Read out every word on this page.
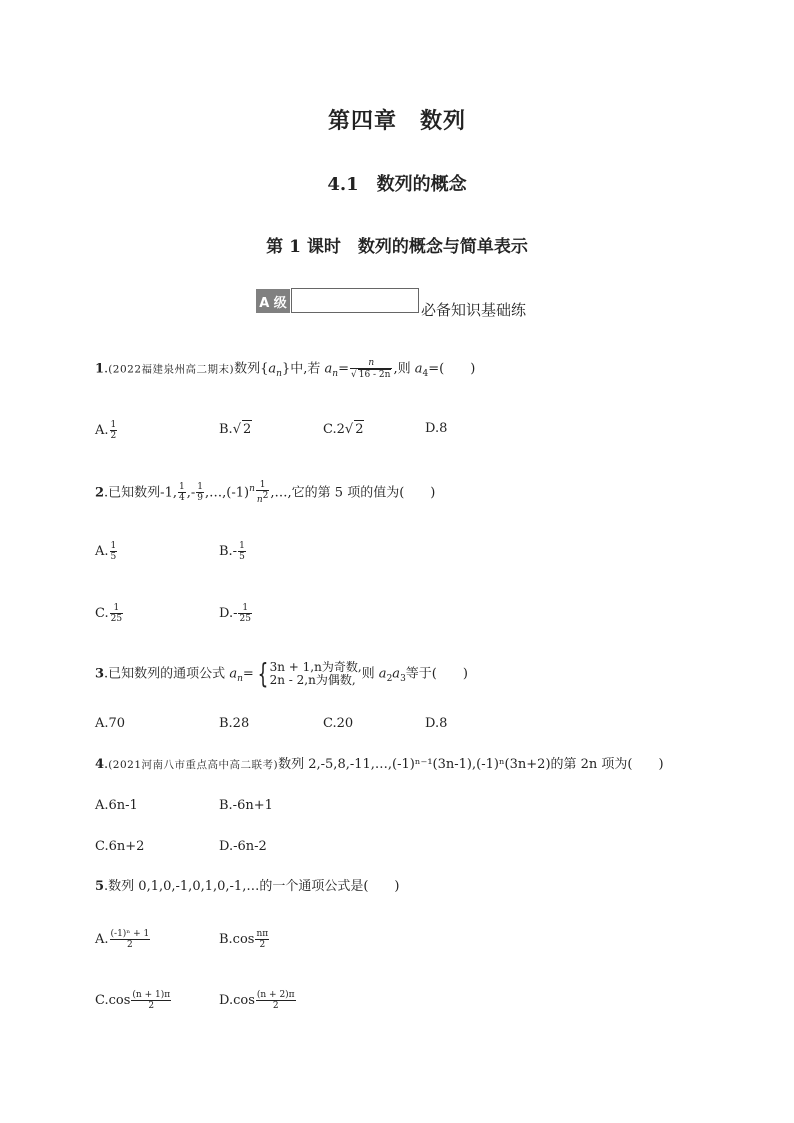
第四章　数列
4.1　数列的概念
第 1 课时　数列的概念与简单表示
A 级	必备知识基础练
1.(2022福建泉州高二期末)数列$\{a_n\}$中,若 $a_n= \frac{n}{√ 16 - 2n}$ ,则 $a_4=$(　　)
A. $\frac{1}{2}$	B.√ 2	C.2√ 2	D.8
2.已知数列-1, $\frac{1}{4}$ ,- $\frac{1}{9}$ $,\dots,(-1)^n \frac{1}{n^2}$ ,…,它的第 5 项的值为(　　)
A. $\frac{1}{5}$	$B.- \frac{1}{5}$
C. $\frac{1}{25}$	$D.- \frac{1}{25}$
3.已知数列的通项公式 $a_n=$ { 3n + 1,n为奇数,
2n - 2,n为偶数, 则 $a_2a_3$等于(　　)
A.70	B.28	C.20	D.8
4.(2021河南八市重点高中高二联考)数列 2,-5,8,-11,…,(-1)ⁿ⁻¹(3n-1),(-1)ⁿ(3n+2)的第 2n 项为(　　)
A.6n-1	B.-6n+1
C.6n+2	D.-6n-2
5.数列 0,1,0,-1,0,1,0,-1,…的一个通项公式是(　　)
A. $\frac{\text{(-1)ⁿ + 1}}{2}$	$B.\cos \frac{n\pi}{2}$
$C.\cos \frac{(n + 1)\pi}{2}$	$D.\cos \frac{(n + 2)\pi}{2}$
